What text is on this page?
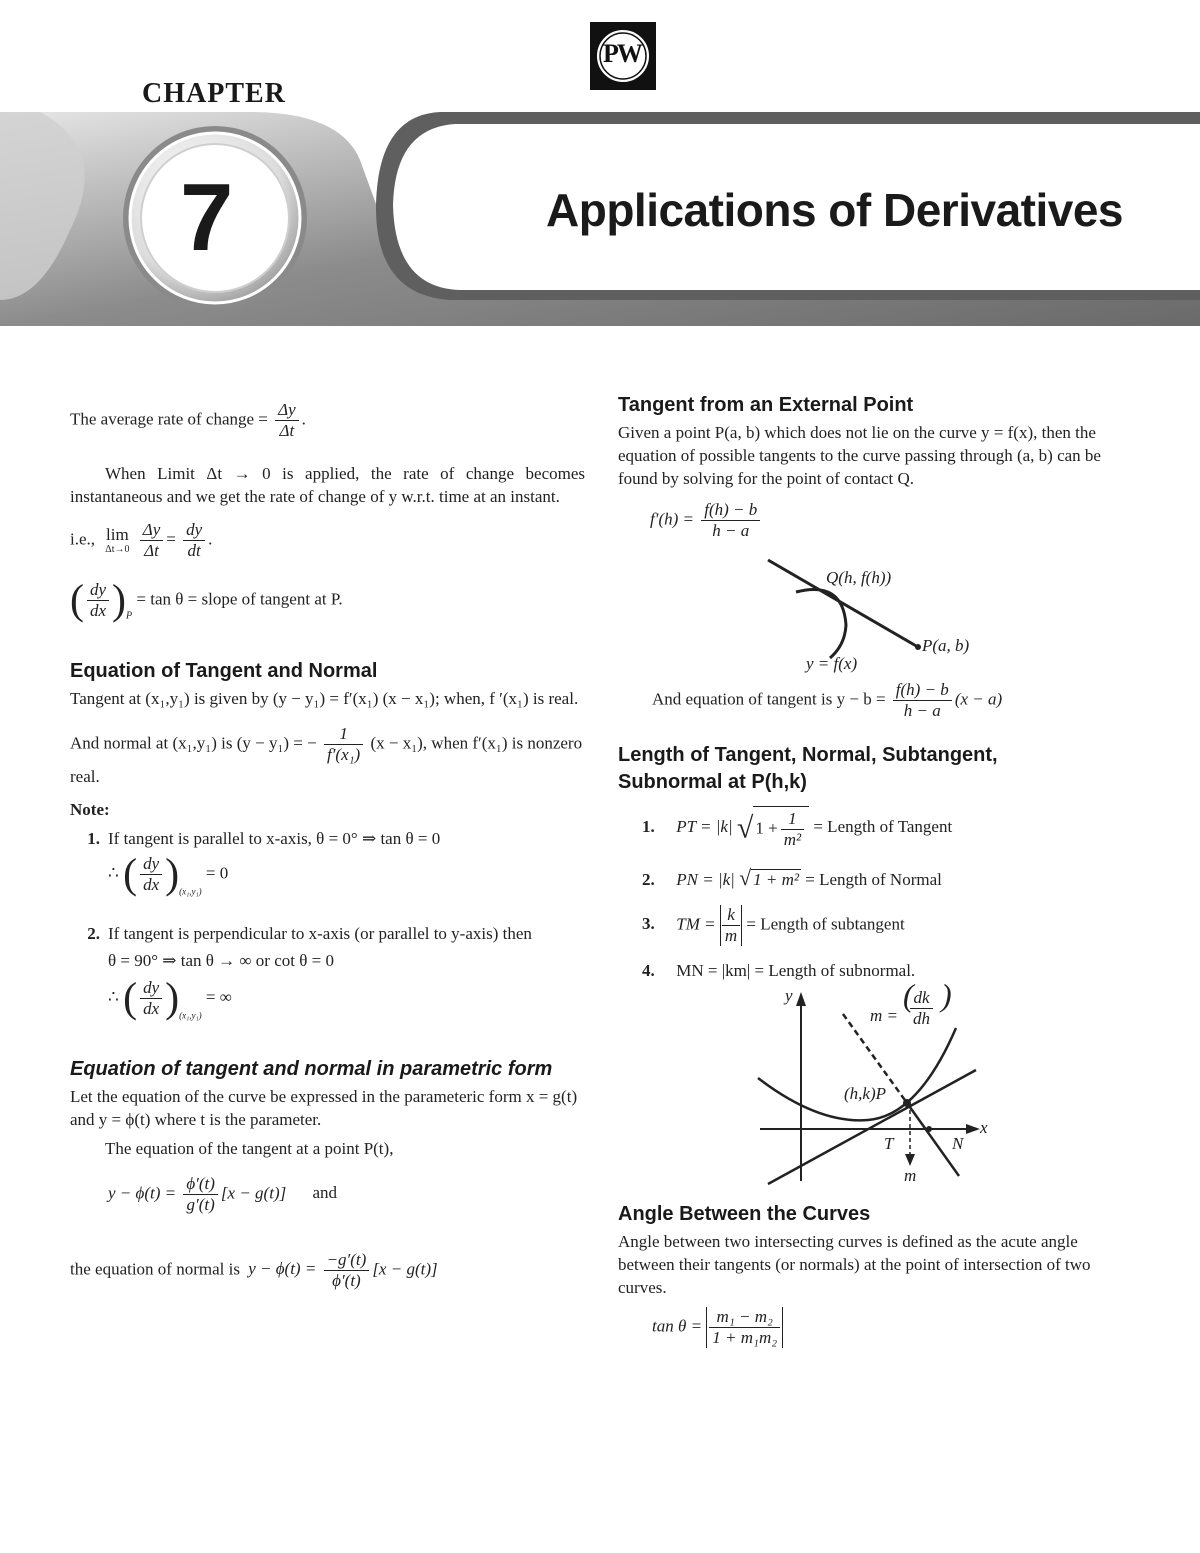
PW
CHAPTER
7	Applications of Derivatives
The average rate of change = $\frac{\Delta y}{\Delta t}$ .

When Limit Δt → 0 is applied, the rate of change becomes instantaneous and we get the rate of change of y w.r.t. time at an instant.

i.e., lim
Δt→0
$\frac{\Delta y}{\Delta t} = \frac{dy}{dt}$ .
( $\frac{dy}{dx} )_P = \tan \theta$ = slope of tangent at P.
Equation of Tangent and Normal

Tangent at (x₁,y₁) is given by (y − y₁) = f′(x₁) (x − x₁); when, f ′(x₁) is real.

And normal at (x₁,y₁) is (y − y₁) = − $\frac{1}{\text{f′(x₁)}} (x - x_1)$, when f′(x₁) is nonzero real.
Note:
1. If tangent is parallel to x-axis, θ = 0° ⇒ tan θ = 0
∴ ( $\frac{dy}{dx} )_{(x_1,y_1)} = 0$
2. If tangent is perpendicular to x-axis (or parallel to y-axis) then
θ = 90° ⇒ tan θ → ∞ or cot θ = 0
∴ ( $\frac{dy}{dx} )_{(x_1,y_1)}$ = ∞
Equation of tangent and normal in parametric form

Let the equation of the curve be expressed in the parameteric form x = g(t) and y = ϕ(t) where t is the parameter.

The equation of the tangent at a point P(t),

$y - \phi(t) = \frac{\phi'(t)}{g'(t)} [x - g(t)]$ and
the equation of normal is $y - \phi(t) = \frac{-g'(t)}{\phi'(t)} [x - g(t)]$
Tangent from an External Point

Given a point P(a, b) which does not lie on the curve y = f(x), then the equation of possible tangents to the curve passing through (a, b) can be found by solving for the point of contact Q.

$f'(h) = \frac{f(h) - b}{h - a}$
Q(h, f(h))
P(a, b)
y = f(x)
And equation of tangent is $y - b = \frac{f(h) - b}{h - a} (x - a)$
Length of Tangent, Normal, Subtangent,
Subnormal at P(h,k)
1. PT = |k| √ $1 + \frac{1}{\text{m²}}$ = Length of Tangent
2. PN = |k| √ 1 + m² = Length of Normal
3. TM = $\frac{k}{m}$ = Length of subtangent
4. MN = |km| = Length of subnormal.
y
x
m =
(
$\frac{dk}{dh}$ )
(h,k)P
T	N
m
Angle Between the Curves

Angle between two intersecting curves is defined as the acute angle between their tangents (or normals) at the point of intersection of two curves.

$\tan \theta = \frac{\text{m₁ − m₂}}{\text{1 + m₁m₂}}$
